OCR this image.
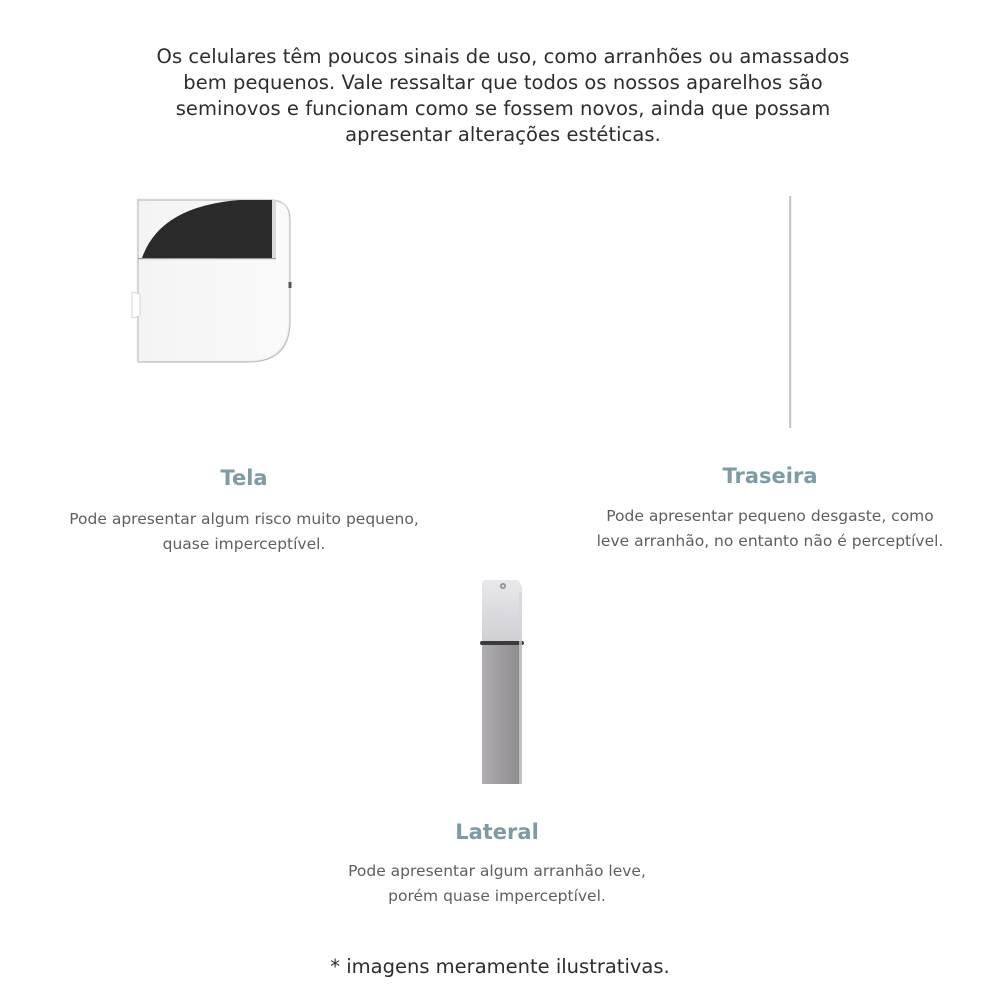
Os celulares têm poucos sinais de uso, como arranhões ou amassados
bem pequenos. Vale ressaltar que todos os nossos aparelhos são
seminovos e funcionam como se fossem novos, ainda que possam
apresentar alterações estéticas.
Tela
Pode apresentar algum risco muito pequeno,
quase imperceptível.
Traseira
Pode apresentar pequeno desgaste, como
leve arranhão, no entanto não é perceptível.
Lateral
Pode apresentar algum arranhão leve,
porém quase imperceptível.
* imagens meramente ilustrativas.
